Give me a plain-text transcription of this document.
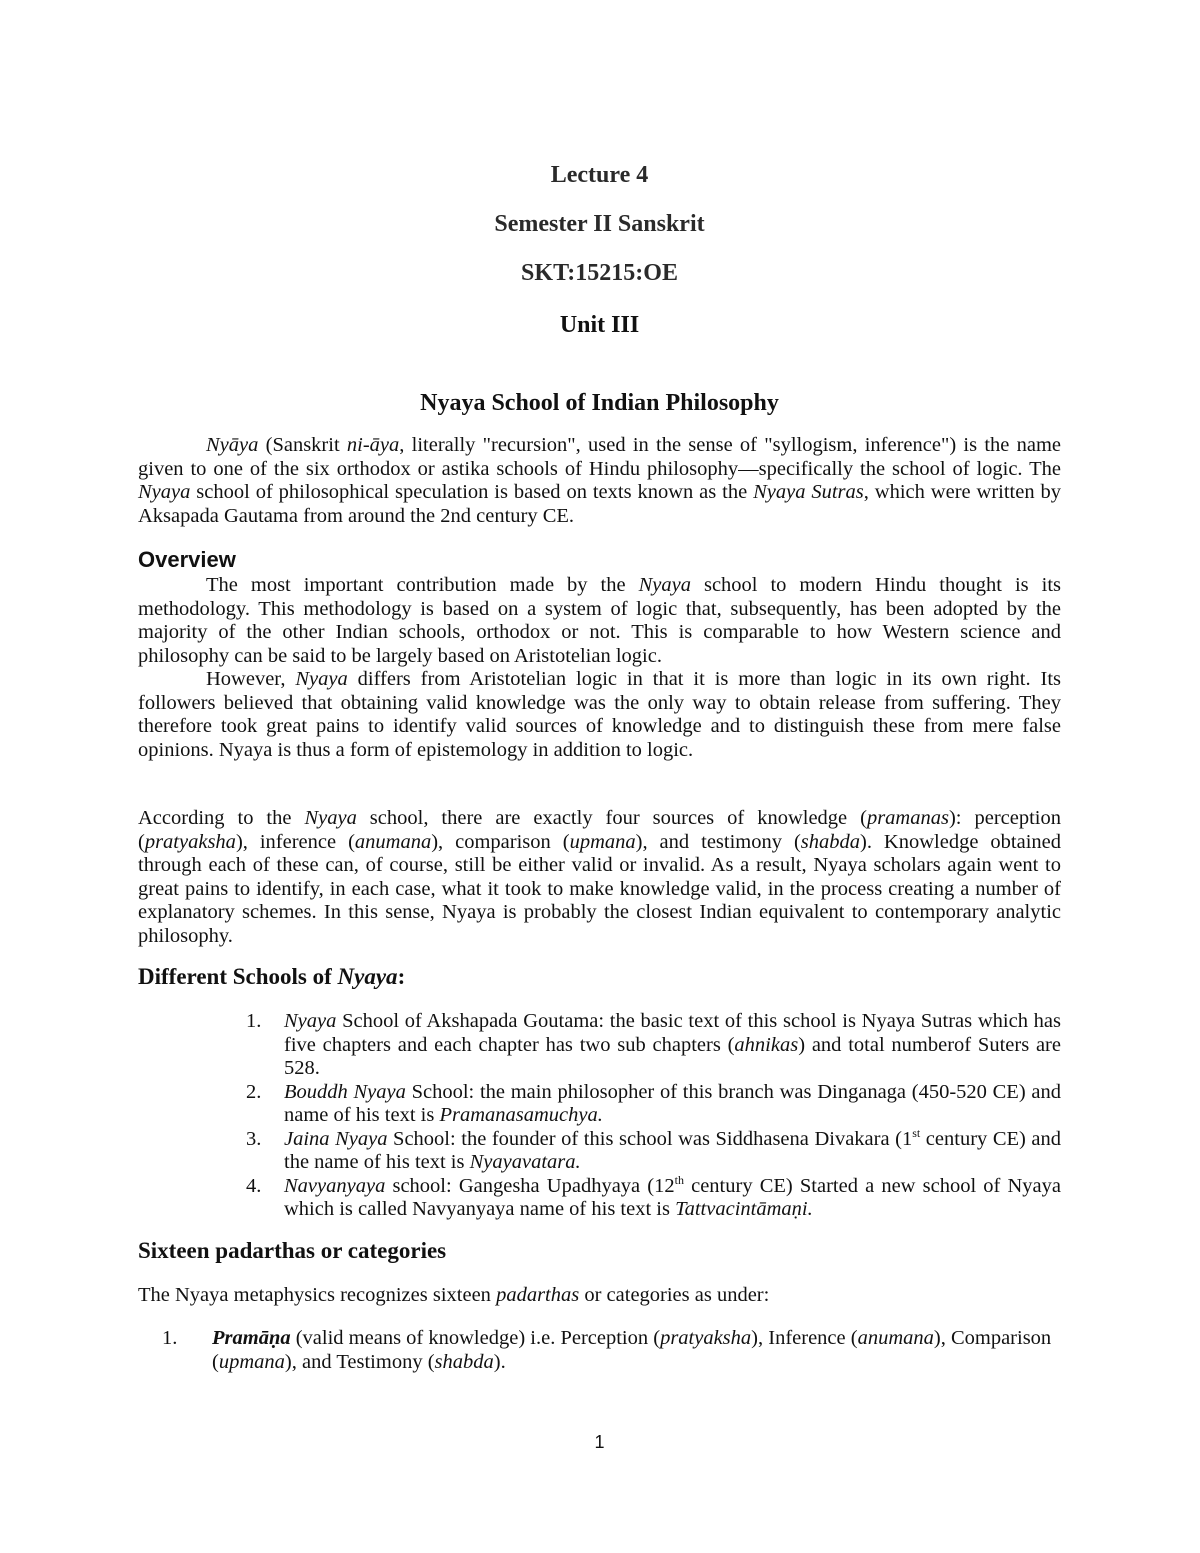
Lecture 4
Semester II Sanskrit
SKT:15215:OE
Unit III
Nyaya School of Indian Philosophy

Nyāya (Sanskrit ni-āya, literally "recursion", used in the sense of "syllogism, inference") is the name given to one of the six orthodox or astika schools of Hindu philosophy—specifically the school of logic. The Nyaya school of philosophical speculation is based on texts known as the Nyaya Sutras, which were written by Aksapada Gautama from around the 2nd century CE.

Overview

The most important contribution made by the Nyaya school to modern Hindu thought is its methodology. This methodology is based on a system of logic that, subsequently, has been adopted by the majority of the other Indian schools, orthodox or not. This is comparable to how Western science and philosophy can be said to be largely based on Aristotelian logic.
However, Nyaya differs from Aristotelian logic in that it is more than logic in its own right. Its followers believed that obtaining valid knowledge was the only way to obtain release from suffering. They therefore took great pains to identify valid sources of knowledge and to distinguish these from mere false opinions. Nyaya is thus a form of epistemology in addition to logic.

According to the Nyaya school, there are exactly four sources of knowledge (pramanas): perception (pratyaksha), inference (anumana), comparison (upmana), and testimony (shabda). Knowledge obtained through each of these can, of course, still be either valid or invalid. As a result, Nyaya scholars again went to great pains to identify, in each case, what it took to make knowledge valid, in the process creating a number of explanatory schemes. In this sense, Nyaya is probably the closest Indian equivalent to contemporary analytic philosophy.

Different Schools of Nyaya:
1. Nyaya School of Akshapada Goutama: the basic text of this school is Nyaya Sutras which has five chapters and each chapter has two sub chapters (ahnikas) and total numberof Suters are 528.
2. Bouddh Nyaya School: the main philosopher of this branch was Dinganaga (450-520 CE) and name of his text is Pramanasamuchya.
3. Jaina Nyaya School: the founder of this school was Siddhasena Divakara (1st century CE) and the name of his text is Nyayavatara.
4. Navyanyaya school: Gangesha Upadhyaya (12th century CE) Started a new school of Nyaya which is called Navyanyaya name of his text is Tattvacintāmaṇi.
Sixteen padarthas or categories

The Nyaya metaphysics recognizes sixteen padarthas or categories as under:

1. Pramāṇa (valid means of knowledge) i.e. Perception (pratyaksha), Inference (anumana), Comparison (upmana), and Testimony (shabda).
1
